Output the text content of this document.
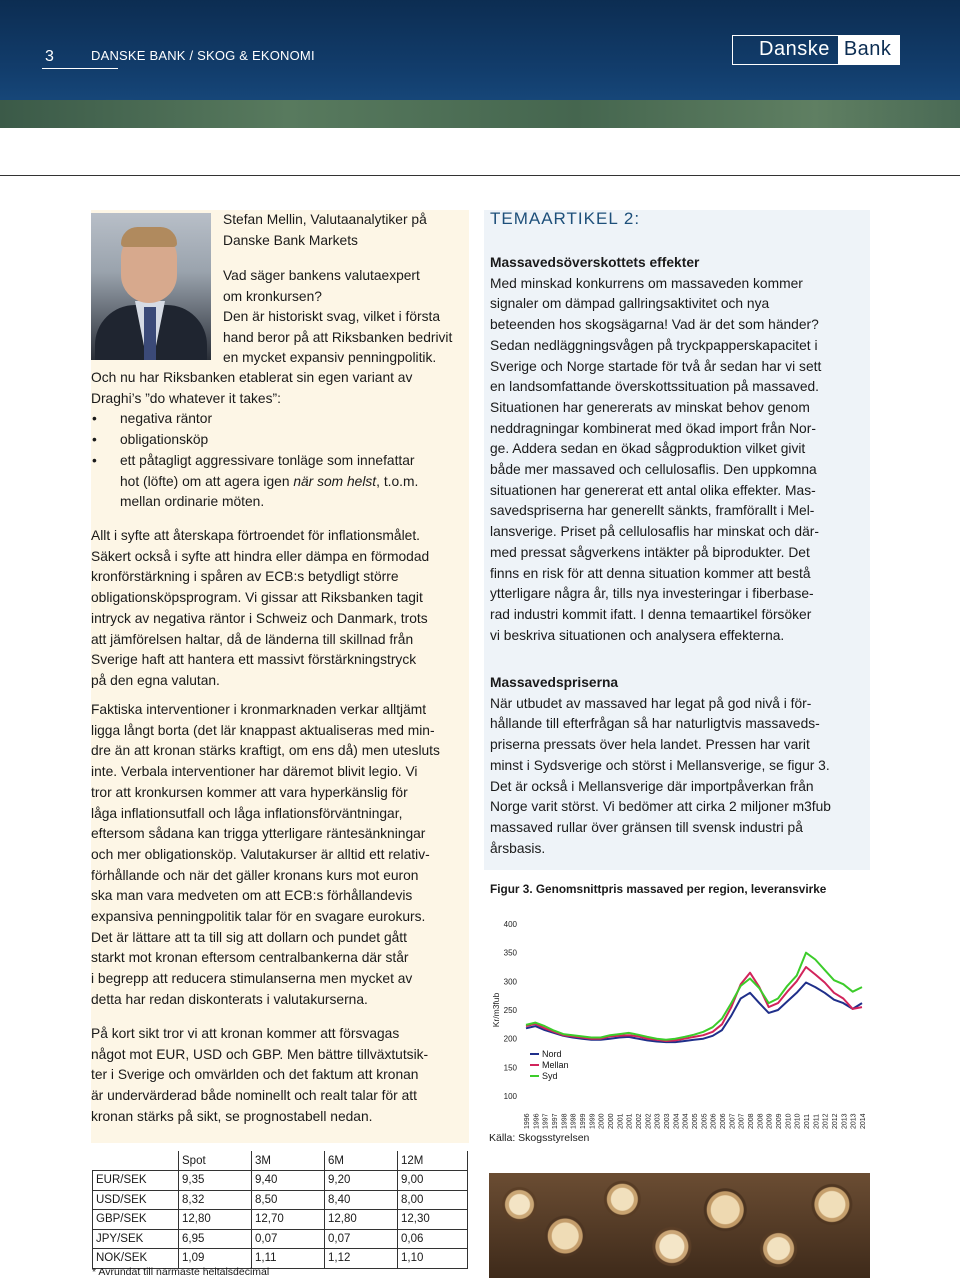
3	DANSKE BANK / SKOG & EKONOMI	Danske Bank
Stefan Mellin, Valutaanalytiker på
Danske Bank Markets
Vad säger bankens valutaexpert
om kronkursen?
Den är historiskt svag, vilket i första
hand beror på att Riksbanken bedrivit
en mycket expansiv penningpolitik.
Och nu har Riksbanken etablerat sin egen variant av
Draghi’s ”do whatever it takes”:
• negativa räntor
• obligationsköp
• ett påtagligt aggressivare tonläge som innefattar
hot (löfte) om att agera igen när som helst, t.o.m.
mellan ordinarie möten.
Allt i syfte att återskapa förtroendet för inflationsmålet.
Säkert också i syfte att hindra eller dämpa en förmodad
kronförstärkning i spåren av ECB:s betydligt större
obligationsköpsprogram. Vi gissar att Riksbanken tagit
intryck av negativa räntor i Schweiz och Danmark, trots
att jämförelsen haltar, då de länderna till skillnad från
Sverige haft att hantera ett massivt förstärkningstryck
på den egna valutan.
Faktiska interventioner i kronmarknaden verkar alltjämt
ligga långt borta (det lär knappast aktualiseras med min-
dre än att kronan stärks kraftigt, om ens då) men utesluts
inte. Verbala interventioner har däremot blivit legio. Vi
tror att kronkursen kommer att vara hyperkänslig för
låga inflationsutfall och låga inflationsförväntningar,
eftersom sådana kan trigga ytterligare räntesänkningar
och mer obligationsköp. Valutakurser är alltid ett relativ-
förhållande och när det gäller kronans kurs mot euron
ska man vara medveten om att ECB:s förhållandevis
expansiva penningpolitik talar för en svagare eurokurs.
Det är lättare att ta till sig att dollarn och pundet gått
starkt mot kronan eftersom centralbankerna där står
i begrepp att reducera stimulanserna men mycket av
detta har redan diskonterats i valutakurserna.
På kort sikt tror vi att kronan kommer att försvagas
något mot EUR, USD och GBP. Men bättre tillväxtutsik-
ter i Sverige och omvärlden och det faktum att kronan
är undervärderad både nominellt och realt talar för att
kronan stärks på sikt, se prognostabell nedan.
	Spot	3M	6M	12M
EUR/SEK	9,35	9,40	9,20	9,00
USD/SEK	8,32	8,50	8,40	8,00
GBP/SEK	12,80	12,70	12,80	12,30
JPY/SEK	6,95	0,07	0,07	0,06
NOK/SEK	1,09	1,11	1,12	1,10
* Avrundat till närmaste heltalsdecimal
TEMAARTIKEL 2:
Massavedsöverskottets effekter
Med minskad konkurrens om massaveden kommer
signaler om dämpad gallringsaktivitet och nya
beteenden hos skogsägarna! Vad är det som händer?
Sedan nedläggningsvågen på tryckpapperskapacitet i
Sverige och Norge startade för två år sedan har vi sett
en landsomfattande överskottssituation på massaved.
Situationen har genererats av minskat behov genom
neddragningar kombinerat med ökad import från Nor-
ge. Addera sedan en ökad sågproduktion vilket givit
både mer massaved och cellulosaflis. Den uppkomna
situationen har genererat ett antal olika effekter. Mas-
savedspriserna har generellt sänkts, framförallt i Mel-
lansverige. Priset på cellulosaflis har minskat och där-
med pressat sågverkens intäkter på biprodukter. Det
finns en risk för att denna situation kommer att bestå
ytterligare några år, tills nya investeringar i fiberbase-
rad industri kommit ifatt. I denna temaartikel försöker
vi beskriva situationen och analysera effekterna.
Massavedspriserna
När utbudet av massaved har legat på god nivå i för-
hållande till efterfrågan så har naturligtvis massaveds-
priserna pressats över hela landet. Pressen har varit
minst i Sydsverige och störst i Mellansverige, se figur 3.
Det är också i Mellansverige där importpåverkan från
Norge varit störst. Vi bedömer att cirka 2 miljoner m3fub
massaved rullar över gränsen till svensk industri på
årsbasis.
Figur 3. Genomsnittpris massaved per region, leveransvirke
100
150
200
250
300
350
400
Kr/m3fub
1996 1996 1997 1997 1998 1998 1999 1999 2000 2000 2001 2001 2002 2002 2003 2003 2004 2004 2005 2005 2006 2006 2007 2007 2008 2008 2009 2009 2010 2010 2011 2011 2012 2012 2013 2013 2014
Nord
Mellan
Syd
Källa: Skogsstyrelsen
